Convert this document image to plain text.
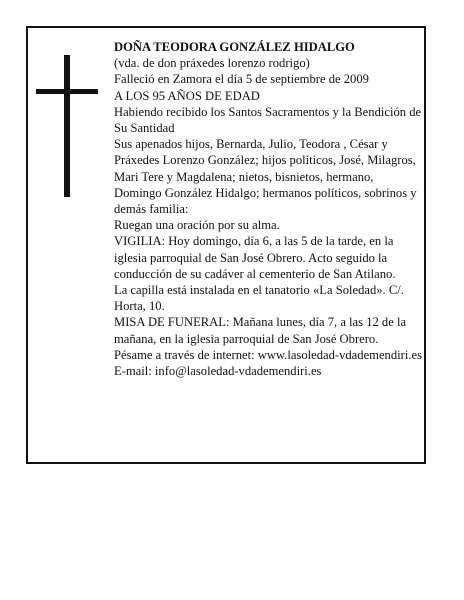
DOÑA TEODORA GONZÁLEZ HIDALGO

(vda. de don práxedes lorenzo rodrigo)

Falleció en Zamora el día 5 de septiembre de 2009

A LOS 95 AÑOS DE EDAD

Habiendo recibido los Santos Sacramentos y la Bendición de Su Santidad

Sus apenados hijos, Bernarda, Julio, Teodora , César y Práxedes Lorenzo González; hijos políticos, José, Milagros, Mari Tere y Magdalena; nietos, bisnietos, hermano, Domingo González Hidalgo; hermanos políticos, sobrinos y demás familia:

Ruegan una oración por su alma.

VIGILIA: Hoy domingo, día 6, a las 5 de la tarde, en la iglesia parroquial de San José Obrero. Acto seguido la conducción de su cadáver al cementerio de San Atilano.

La capilla está instalada en el tanatorio «La Soledad». C/. Horta, 10.

MISA DE FUNERAL: Mañana lunes, día 7, a las 12 de la mañana, en la iglesia parroquial de San José Obrero.

Pésame a través de internet: www.lasoledad-vdademendiri.es

E-mail: info@lasoledad-vdademendiri.es
